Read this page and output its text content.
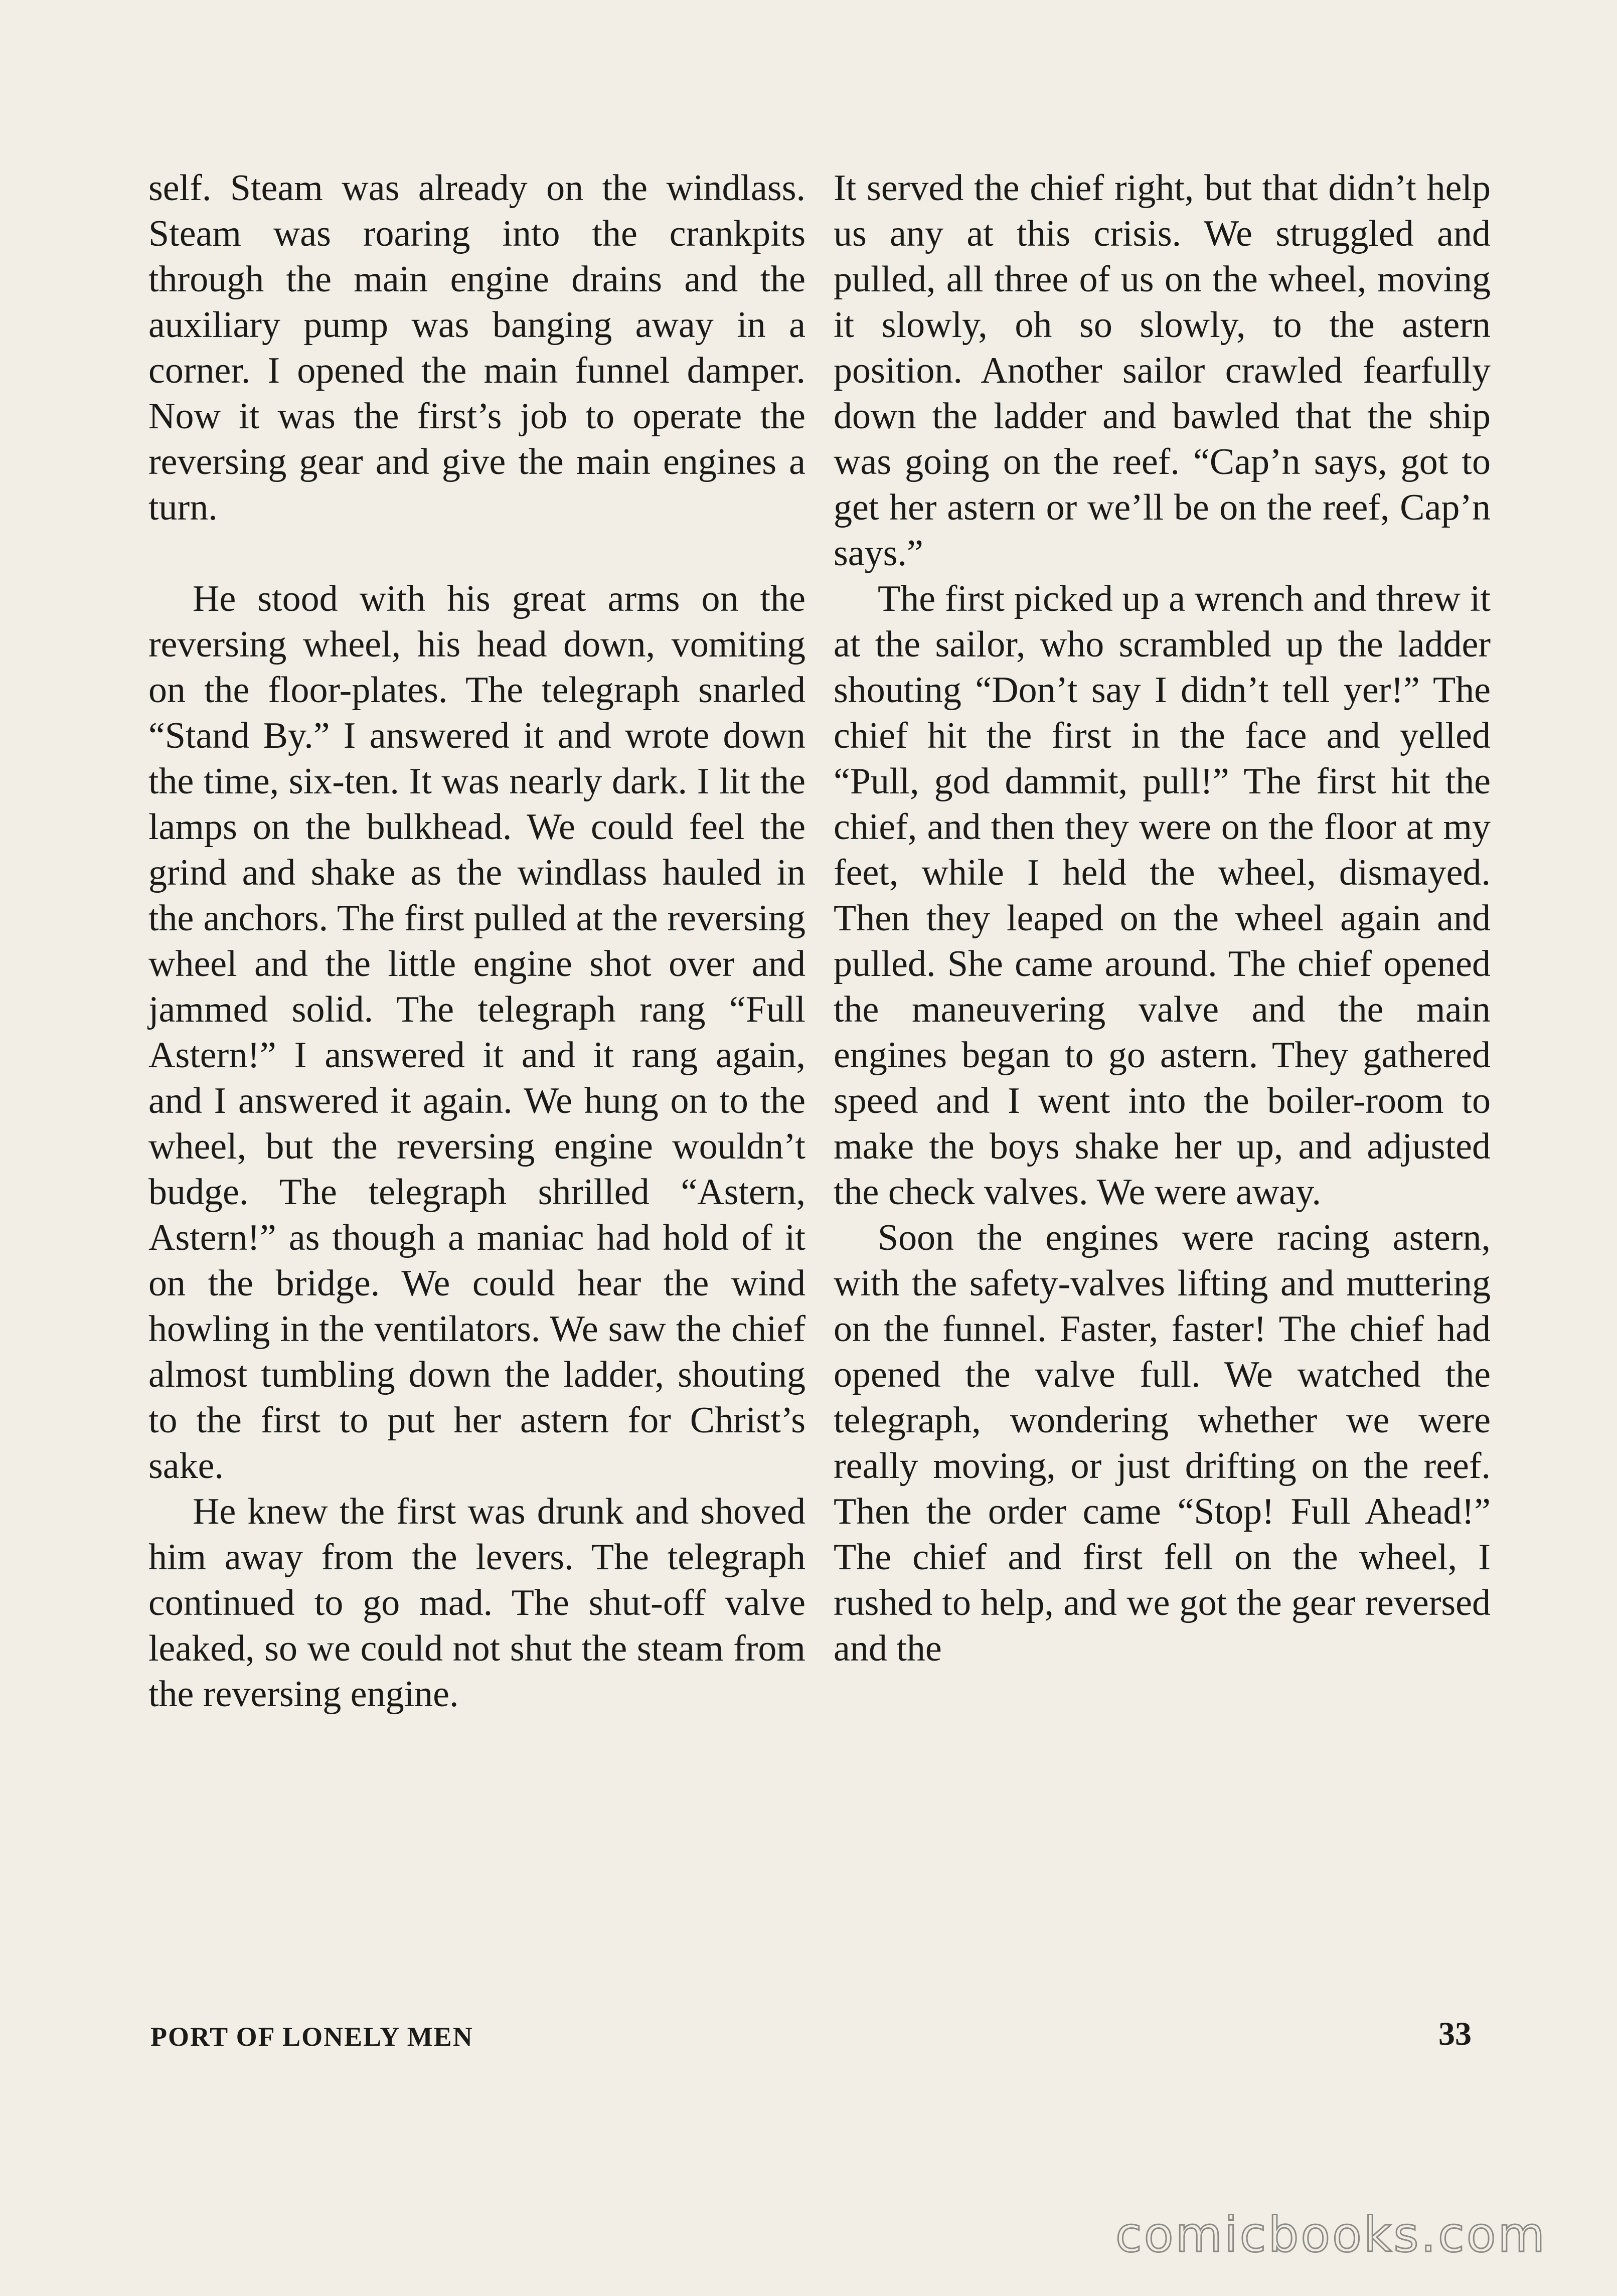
self. Steam was already on the windlass. Steam was roaring into the crankpits through the main engine drains and the auxiliary pump was banging away in a corner. I opened the main funnel damper. Now it was the first’s job to operate the reversing gear and give the main engines a turn.

He stood with his great arms on the reversing wheel, his head down, vomiting on the floor-plates. The telegraph snarled “Stand By.” I answered it and wrote down the time, six-ten. It was nearly dark. I lit the lamps on the bulkhead. We could feel the grind and shake as the windlass hauled in the anchors. The first pulled at the reversing wheel and the little engine shot over and jammed solid. The telegraph rang “Full Astern!” I answered it and it rang again, and I answered it again. We hung on to the wheel, but the reversing engine wouldn’t budge. The telegraph shrilled “Astern, Astern!” as though a maniac had hold of it on the bridge. We could hear the wind howling in the ventilators. We saw the chief almost tumbling down the ladder, shouting to the first to put her astern for Christ’s sake.

He knew the first was drunk and shoved him away from the levers. The telegraph continued to go mad. The shut-off valve leaked, so we could not shut the steam from the reversing engine.

It served the chief right, but that didn’t help us any at this crisis. We struggled and pulled, all three of us on the wheel, moving it slowly, oh so slowly, to the astern position. Another sailor crawled fearfully down the ladder and bawled that the ship was going on the reef. “Cap’n says, got to get her astern or we’ll be on the reef, Cap’n says.”

The first picked up a wrench and threw it at the sailor, who scrambled up the ladder shouting “Don’t say I didn’t tell yer!” The chief hit the first in the face and yelled “Pull, god dammit, pull!” The first hit the chief, and then they were on the floor at my feet, while I held the wheel, dismayed. Then they leaped on the wheel again and pulled. She came around. The chief opened the maneuvering valve and the main engines began to go astern. They gathered speed and I went into the boiler-room to make the boys shake her up, and adjusted the check valves. We were away.

Soon the engines were racing astern, with the safety-valves lifting and muttering on the funnel. Faster, faster! The chief had opened the valve full. We watched the telegraph, wondering whether we were really moving, or just drifting on the reef. Then the order came “Stop! Full Ahead!” The chief and first fell on the wheel, I rushed to help, and we got the gear reversed and the

PORT OF LONELY MEN	33
comicbooks.com
